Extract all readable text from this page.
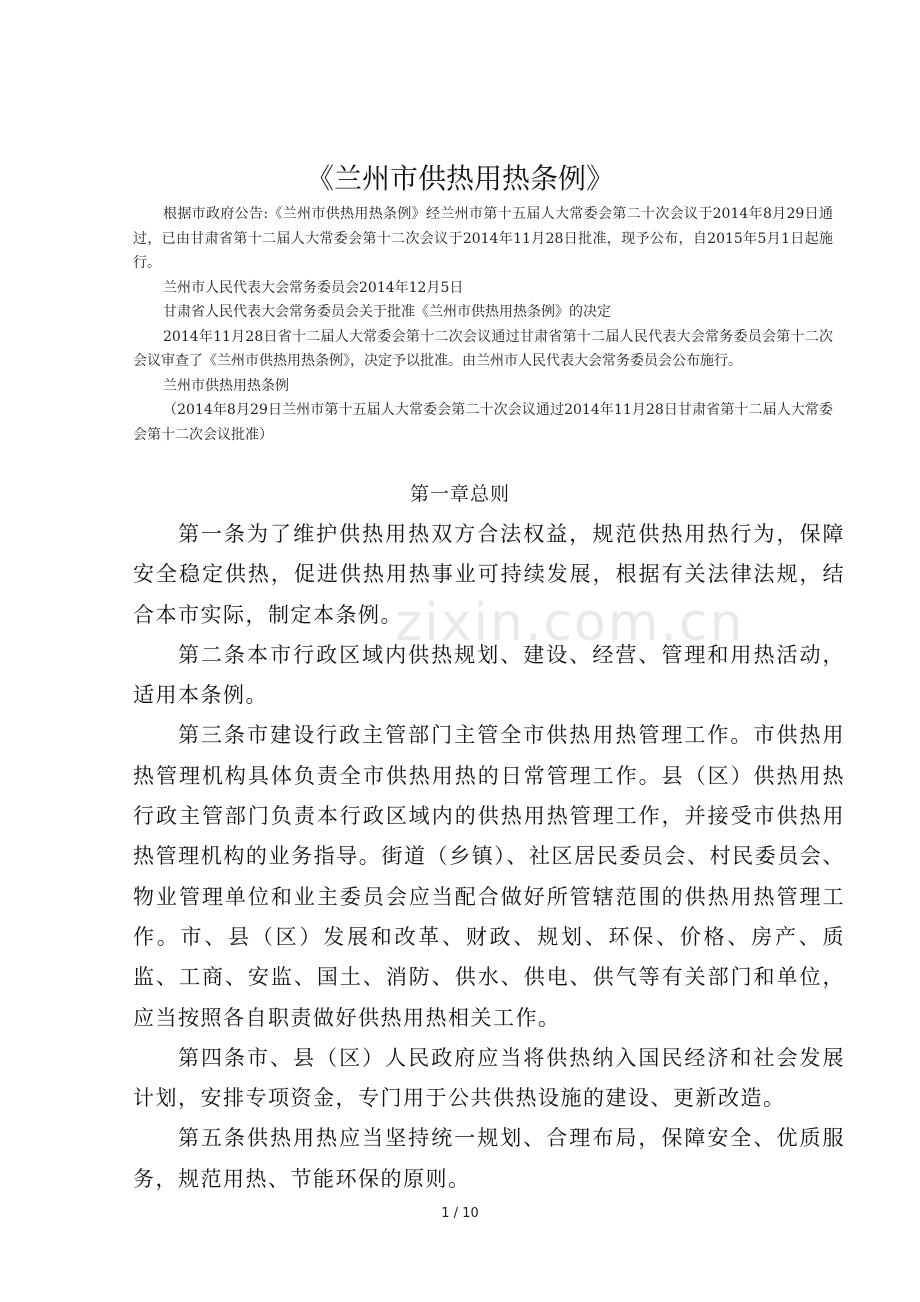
zixin.com.cn
《兰州市供热用热条例》

根据市政府公告:《兰州市供热用热条例》经兰州市第十五届人大常委会第二十次会议于2014年8月29日通过，已由甘肃省第十二届人大常委会第十二次会议于2014年11月28日批准，现予公布，自2015年5月1日起施行。

兰州市人民代表大会常务委员会2014年12月5日

甘肃省人民代表大会常务委员会关于批准《兰州市供热用热条例》的决定

2014年11月28日省十二届人大常委会第十二次会议通过甘肃省第十二届人民代表大会常务委员会第十二次会议审查了《兰州市供热用热条例》，决定予以批准。由兰州市人民代表大会常务委员会公布施行。

兰州市供热用热条例

（2014年8月29日兰州市第十五届人大常委会第二十次会议通过2014年11月28日甘肃省第十二届人大常委会第十二次会议批准）

第一章总则

第一条为了维护供热用热双方合法权益，规范供热用热行为，保障安全稳定供热，促进供热用热事业可持续发展，根据有关法律法规，结合本市实际，制定本条例。

第二条本市行政区域内供热规划、建设、经营、管理和用热活动，适用本条例。

第三条市建设行政主管部门主管全市供热用热管理工作。市供热用热管理机构具体负责全市供热用热的日常管理工作。县（区）供热用热行政主管部门负责本行政区域内的供热用热管理工作，并接受市供热用热管理机构的业务指导。街道（乡镇）、社区居民委员会、村民委员会、物业管理单位和业主委员会应当配合做好所管辖范围的供热用热管理工作。市、县（区）发展和改革、财政、规划、环保、价格、房产、质监、工商、安监、国土、消防、供水、供电、供气等有关部门和单位，应当按照各自职责做好供热用热相关工作。

第四条市、县（区）人民政府应当将供热纳入国民经济和社会发展计划，安排专项资金，专门用于公共供热设施的建设、更新改造。

第五条供热用热应当坚持统一规划、合理布局，保障安全、优质服务，规范用热、节能环保的原则。

1 / 10
